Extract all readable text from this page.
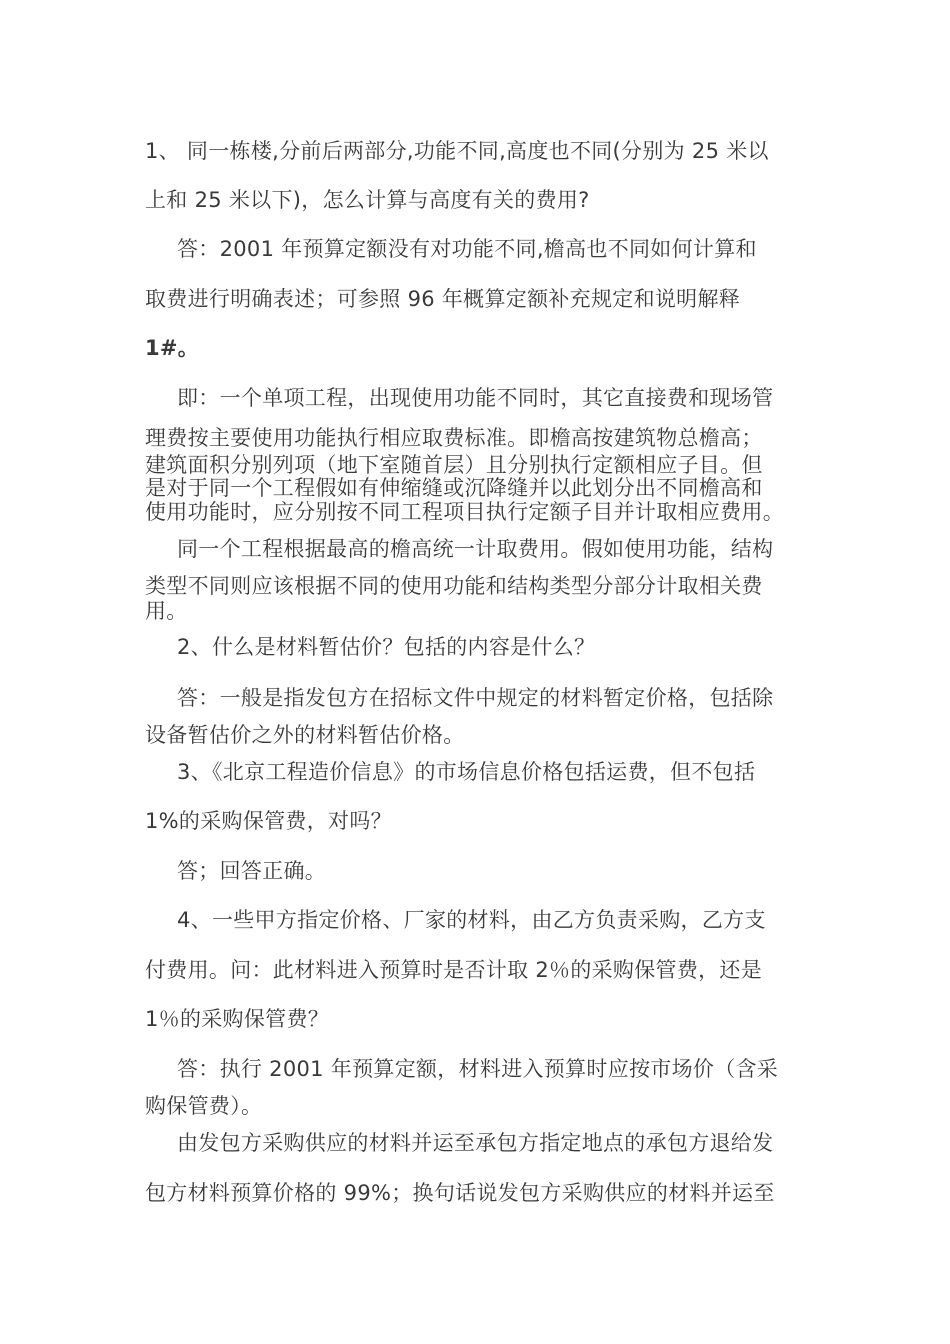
1、 同一栋楼,分前后两部分,功能不同,高度也不同(分别为 25 米以
上和 25 米以下)，怎么计算与高度有关的费用?
答：2001 年预算定额没有对功能不同,檐高也不同如何计算和
取费进行明确表述；可参照 96 年概算定额补充规定和说明解释
1#。
即：一个单项工程，出现使用功能不同时，其它直接费和现场管
理费按主要使用功能执行相应取费标准。即檐高按建筑物总檐高；
建筑面积分别列项（地下室随首层）且分别执行定额相应子目。但
是对于同一个工程假如有伸缩缝或沉降缝并以此划分出不同檐高和
使用功能时，应分别按不同工程项目执行定额子目并计取相应费用。
同一个工程根据最高的檐高统一计取费用。假如使用功能，结构
类型不同则应该根据不同的使用功能和结构类型分部分计取相关费
用。
2、什么是材料暂估价？包括的内容是什么？
答：一般是指发包方在招标文件中规定的材料暂定价格，包括除
设备暂估价之外的材料暂估价格。
3、《北京工程造价信息》的市场信息价格包括运费，但不包括
1%的采购保管费，对吗？
答；回答正确。
4、一些甲方指定价格、厂家的材料，由乙方负责采购，乙方支
付费用。问：此材料进入预算时是否计取 2％的采购保管费，还是
1％的采购保管费？
答：执行 2001 年预算定额，材料进入预算时应按市场价（含采
购保管费）。
由发包方采购供应的材料并运至承包方指定地点的承包方退给发
包方材料预算价格的 99%；换句话说发包方采购供应的材料并运至
